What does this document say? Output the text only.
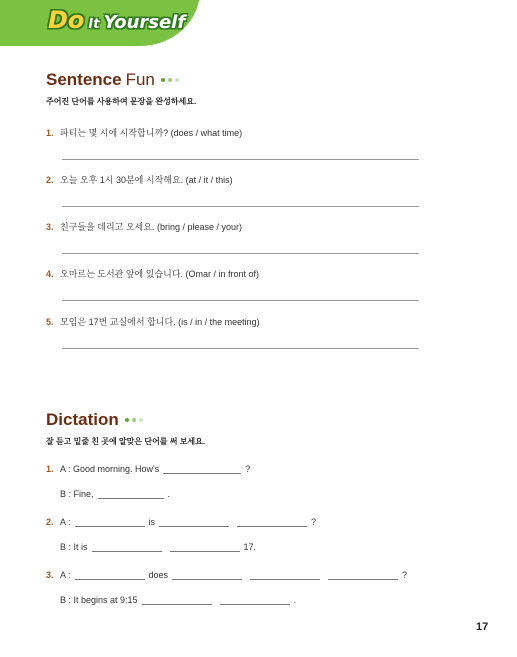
Do It Yourself
Sentence Fun
주어진 단어를 사용하여 문장을 완성하세요.
1. 파티는 몇 시에 시작합니까? (does / what time)
2. 오늘 오후 1시 30분에 시작해요. (at / it / this)
3. 친구들을 데리고 오세요. (bring / please / your)
4. 오마르는 도서관 앞에 있습니다. (Omar / in front of)
5. 모임은 17번 교실에서 합니다. (is / in / the meeting)
Dictation
잘 듣고 밑줄 친 곳에 알맞은 단어를 써 보세요.
1. A : Good morning. How's	?
B : Fine,	.
2. A :	is	?
B : It is	17.
3. A :	does	?
B : It begins at 9:15	.
17
